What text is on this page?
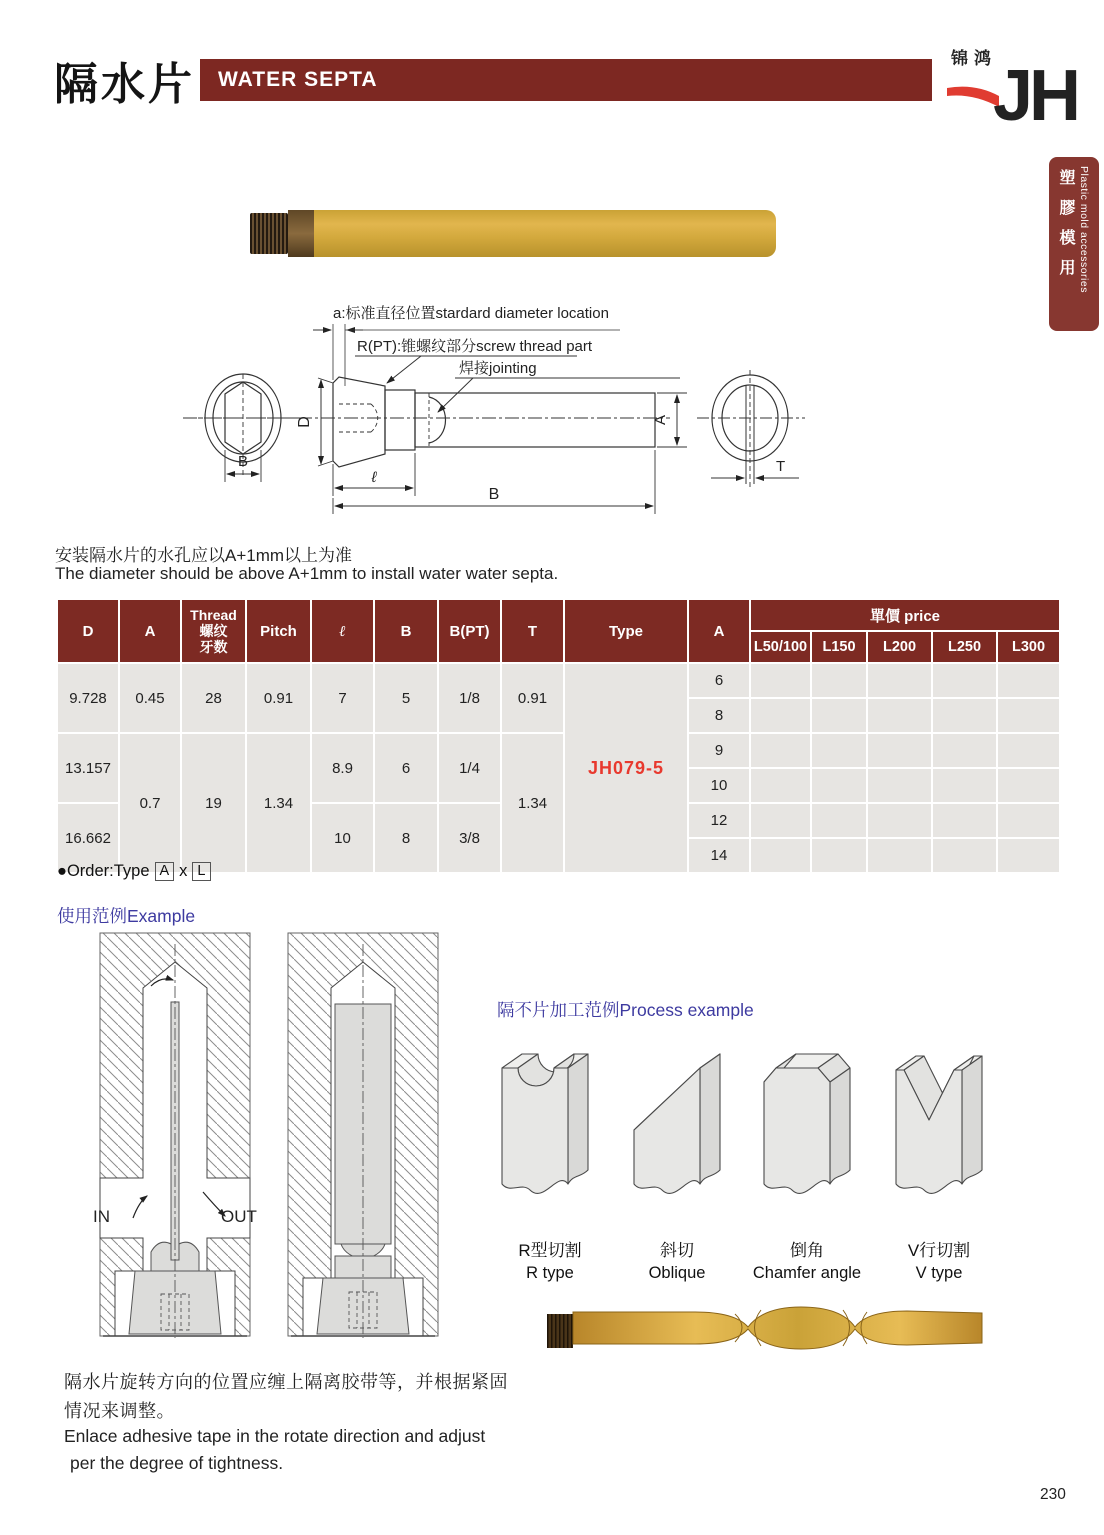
隔水片	WATER SEPTA
锦鸿
JH
塑膠模用 Plastic mold accessories
a:标准直径位置stardard diameter location
R(PT):锥螺纹部分screw thread part
焊接jointing
B
D
ℓ
B
A
T
安装隔水片的水孔应以A+1mm以上为准
The diameter should be above A+1mm to install water water septa.
D	A	Thread
螺纹
牙数	Pitch	ℓ	B	B(PT)	T	Type	A	單價 price				
										L50/100	L150	L200	L250	L300
9.728	0.45	28	0.91	7	5	1/8	0.91	JH079-5	6					
									8					
13.157	0.7	19	1.34	8.9	6	1/4	1.34		9					
									10					
16.662				10	8	3/8			12					
									14					
●Order:Type A x L
使用范例Example
IN	OUT
隔不片加工范例Process example
R型切割
R type
斜切
Oblique
倒角
Chamfer angle
V行切割
V type
隔水片旋转方向的位置应缠上隔离胶带等，并根据紧固
情况来调整。
Enlace adhesive tape in the rotate direction and adjust
per the degree of tightness.
230
